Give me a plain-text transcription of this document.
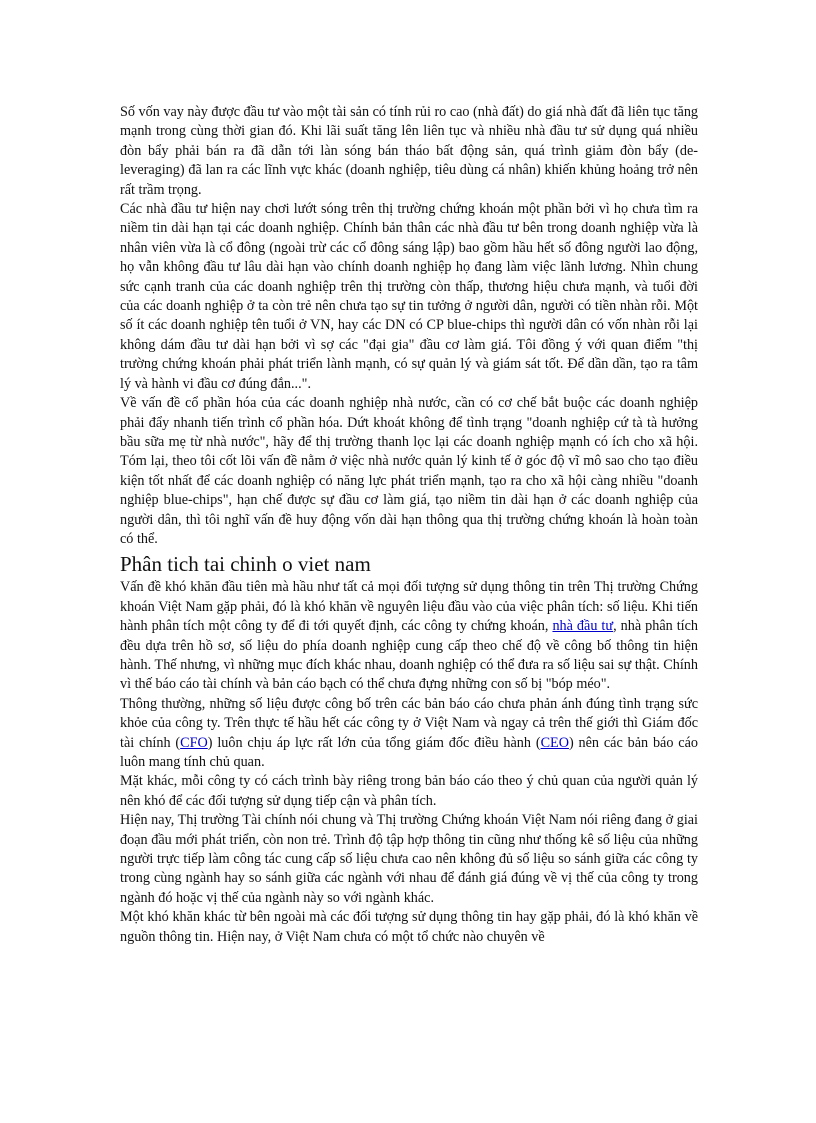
Số vốn vay này được đầu tư vào một tài sản có tính rủi ro cao (nhà đất) do giá nhà đất đã liên tục tăng mạnh trong cùng thời gian đó. Khi lãi suất tăng lên liên tục và nhiều nhà đầu tư sử dụng quá nhiều đòn bẩy phải bán ra đã dẫn tới làn sóng bán tháo bất động sản, quá trình giảm đòn bẩy (de-leveraging) đã lan ra các lĩnh vực khác (doanh nghiệp, tiêu dùng cá nhân) khiến khủng hoảng trở nên rất trầm trọng.

Các nhà đầu tư hiện nay chơi lướt sóng trên thị trường chứng khoán một phần bởi vì họ chưa tìm ra niềm tin dài hạn tại các doanh nghiệp. Chính bản thân các nhà đầu tư bên trong doanh nghiệp vừa là nhân viên vừa là cổ đông (ngoài trừ các cổ đông sáng lập) bao gồm hầu hết số đông người lao động, họ vẫn không đầu tư lâu dài hạn vào chính doanh nghiệp họ đang làm việc lãnh lương. Nhìn chung sức cạnh tranh của các doanh nghiệp trên thị trường còn thấp, thương hiệu chưa mạnh, và tuổi đời của các doanh nghiệp ở ta còn trẻ nên chưa tạo sự tin tưởng ở người dân, người có tiền nhàn rỗi. Một số ít các doanh nghiệp tên tuổi ở VN, hay các DN có CP blue-chips thì người dân có vốn nhàn rỗi lại không dám đầu tư dài hạn bởi vì sợ các "đại gia" đầu cơ làm giá. Tôi đồng ý với quan điểm "thị trường chứng khoán phải phát triển lành mạnh, có sự quản lý và giám sát tốt. Để dần dần, tạo ra tâm lý và hành vi đầu cơ đúng đắn...".

Về vấn đề cổ phần hóa của các doanh nghiệp nhà nước, cần có cơ chế bắt buộc các doanh nghiệp phải đẩy nhanh tiến trình cổ phần hóa. Dứt khoát không để tình trạng "doanh nghiệp cứ tà tà hưởng bầu sữa mẹ từ nhà nước", hãy để thị trường thanh lọc lại các doanh nghiệp mạnh có ích cho xã hội. Tóm lại, theo tôi cốt lõi vấn đề nằm ở việc nhà nước quản lý kinh tế ở góc độ vĩ mô sao cho tạo điều kiện tốt nhất để các doanh nghiệp có năng lực phát triển mạnh, tạo ra cho xã hội càng nhiều "doanh nghiệp blue-chips", hạn chế được sự đầu cơ làm giá, tạo niềm tin dài hạn ở các doanh nghiệp của người dân, thì tôi nghĩ vấn đề huy động vốn dài hạn thông qua thị trường chứng khoán là hoàn toàn có thể.

Phân tich tai chinh o viet nam

Vấn đề khó khăn đầu tiên mà hầu như tất cả mọi đối tượng sử dụng thông tin trên Thị trường Chứng khoán Việt Nam gặp phải, đó là khó khăn về nguyên liệu đầu vào của việc phân tích: số liệu. Khi tiến hành phân tích một công ty để đi tới quyết định, các công ty chứng khoán, nhà đầu tư, nhà phân tích đều dựa trên hồ sơ, số liệu do phía doanh nghiệp cung cấp theo chế độ về công bố thông tin hiện hành. Thế nhưng, vì những mục đích khác nhau, doanh nghiệp có thể đưa ra số liệu sai sự thật. Chính vì thế báo cáo tài chính và bản cáo bạch có thể chưa đựng những con số bị "bóp méo".

Thông thường, những số liệu được công bố trên các bản báo cáo chưa phản ánh đúng tình trạng sức khỏe của công ty. Trên thực tế hầu hết các công ty ở Việt Nam và ngay cả trên thế giới thì Giám đốc tài chính (CFO) luôn chịu áp lực rất lớn của tổng giám đốc điều hành (CEO) nên các bản báo cáo luôn mang tính chủ quan.

Mặt khác, mỗi công ty có cách trình bày riêng trong bản báo cáo theo ý chủ quan của người quản lý nên khó để các đối tượng sử dụng tiếp cận và phân tích.

Hiện nay, Thị trường Tài chính nói chung và Thị trường Chứng khoán Việt Nam nói riêng đang ở giai đoạn đầu mới phát triển, còn non trẻ. Trình độ tập hợp thông tin cũng như thống kê số liệu của những người trực tiếp làm công tác cung cấp số liệu chưa cao nên không đủ số liệu so sánh giữa các công ty trong cùng ngành hay so sánh giữa các ngành với nhau để đánh giá đúng về vị thế của công ty trong ngành đó hoặc vị thế của ngành này so với ngành khác.

Một khó khăn khác từ bên ngoài mà các đối tượng sử dụng thông tin hay gặp phải, đó là khó khăn về nguồn thông tin. Hiện nay, ở Việt Nam chưa có một tổ chức nào chuyên về
